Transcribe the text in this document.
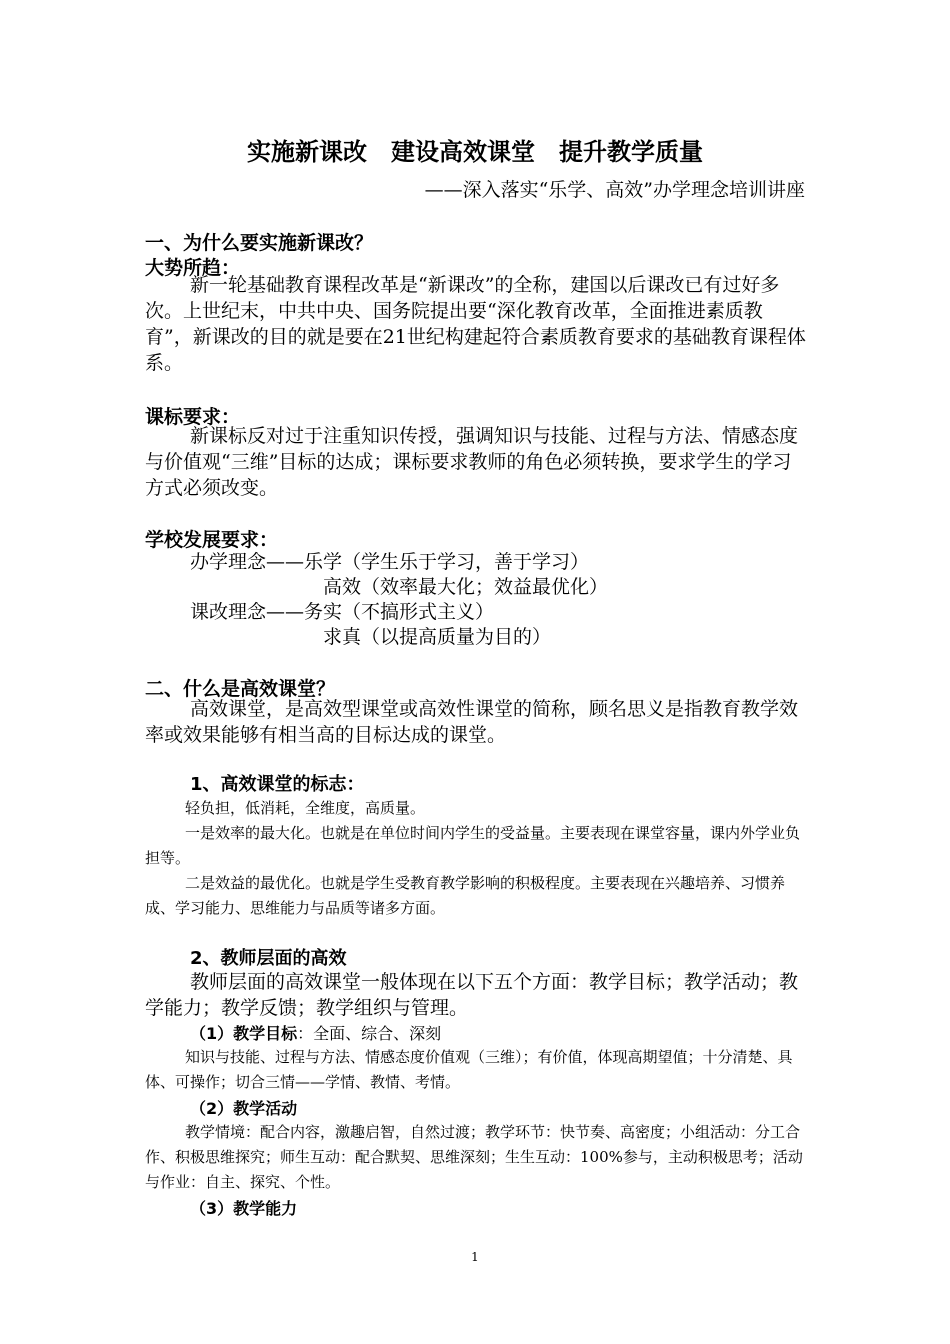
实施新课改　建设高效课堂　提升教学质量

——深入落实“乐学、高效”办学理念培训讲座

一、为什么要实施新课改？

大势所趋：

新一轮基础教育课程改革是“新课改”的全称，建国以后课改已有过好多次。上世纪末，中共中央、国务院提出要“深化教育改革，全面推进素质教育”，新课改的目的就是要在21世纪构建起符合素质教育要求的基础教育课程体系。

课标要求：

新课标反对过于注重知识传授，强调知识与技能、过程与方法、情感态度与价值观“三维”目标的达成；课标要求教师的角色必须转换，要求学生的学习方式必须改变。

学校发展要求：

办学理念——乐学（学生乐于学习，善于学习）

高效（效率最大化；效益最优化）

课改理念——务实（不搞形式主义）

求真（以提高质量为目的）

二、什么是高效课堂？

高效课堂，是高效型课堂或高效性课堂的简称，顾名思义是指教育教学效率或效果能够有相当高的目标达成的课堂。

1、高效课堂的标志：

轻负担，低消耗，全维度，高质量。

一是效率的最大化。也就是在单位时间内学生的受益量。主要表现在课堂容量，课内外学业负担等。

二是效益的最优化。也就是学生受教育教学影响的积极程度。主要表现在兴趣培养、习惯养成、学习能力、思维能力与品质等诸多方面。

2、教师层面的高效

教师层面的高效课堂一般体现在以下五个方面：教学目标；教学活动；教学能力；教学反馈；教学组织与管理。

（1）教学目标：全面、综合、深刻

知识与技能、过程与方法、情感态度价值观（三维）；有价值，体现高期望值；十分清楚、具体、可操作；切合三情——学情、教情、考情。

（2）教学活动

教学情境：配合内容，激趣启智，自然过渡；教学环节：快节奏、高密度；小组活动：分工合作、积极思维探究；师生互动：配合默契、思维深刻；生生互动：100%参与，主动积极思考；活动与作业：自主、探究、个性。

（3）教学能力

1
